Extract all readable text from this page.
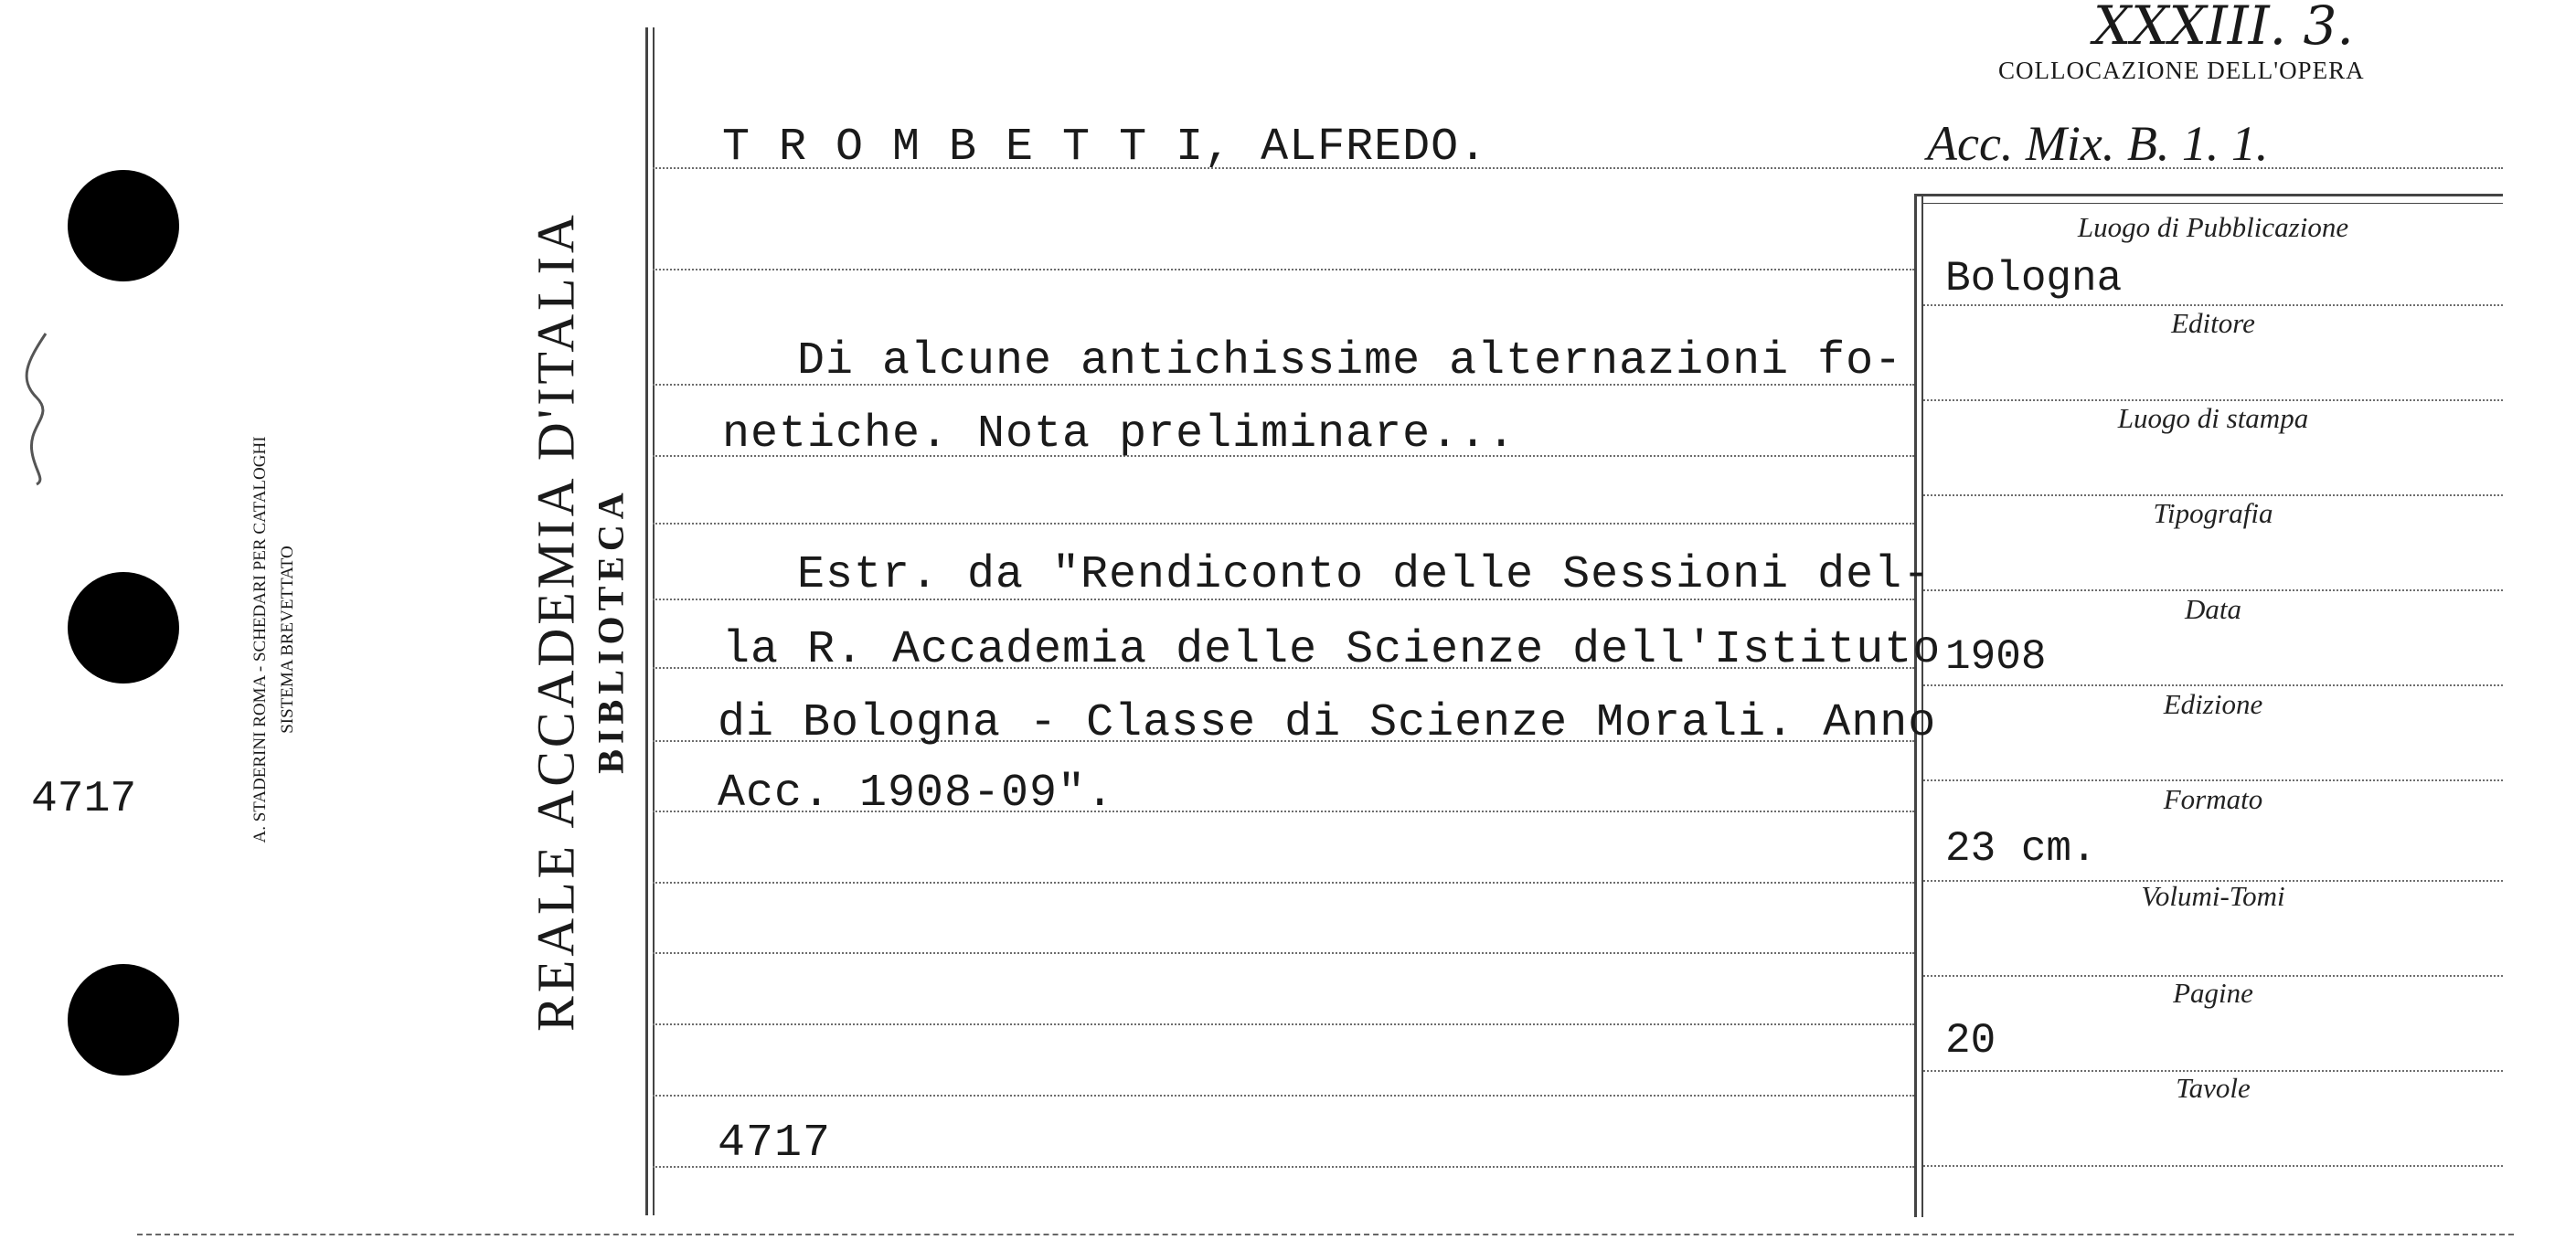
4717	A. STADERINI ROMA - SCHEDARI PER CATALOGHI SISTEMA BREVETTATO	REALE ACCADEMIA D'ITALIA BIBLIOTECA
XXXIII. 3.
COLLOCAZIONE DELL'OPERA
Acc. Mix. B. 1. 1.
T R O M B E T T I, ALFREDO.
Di alcune antichissime alternazioni fo-
netiche. Nota preliminare...
Estr. da "Rendiconto delle Sessioni del-
la R. Accademia delle Scienze dell'Istituto
di Bologna - Classe di Scienze Morali. Anno
Acc. 1908-09".
4717
Luogo di Pubblicazione
Bologna
Editore
Luogo di stampa
Tipografia
Data
1908
Edizione
Formato
23 cm.
Volumi-Tomi
Pagine
20
Tavole
